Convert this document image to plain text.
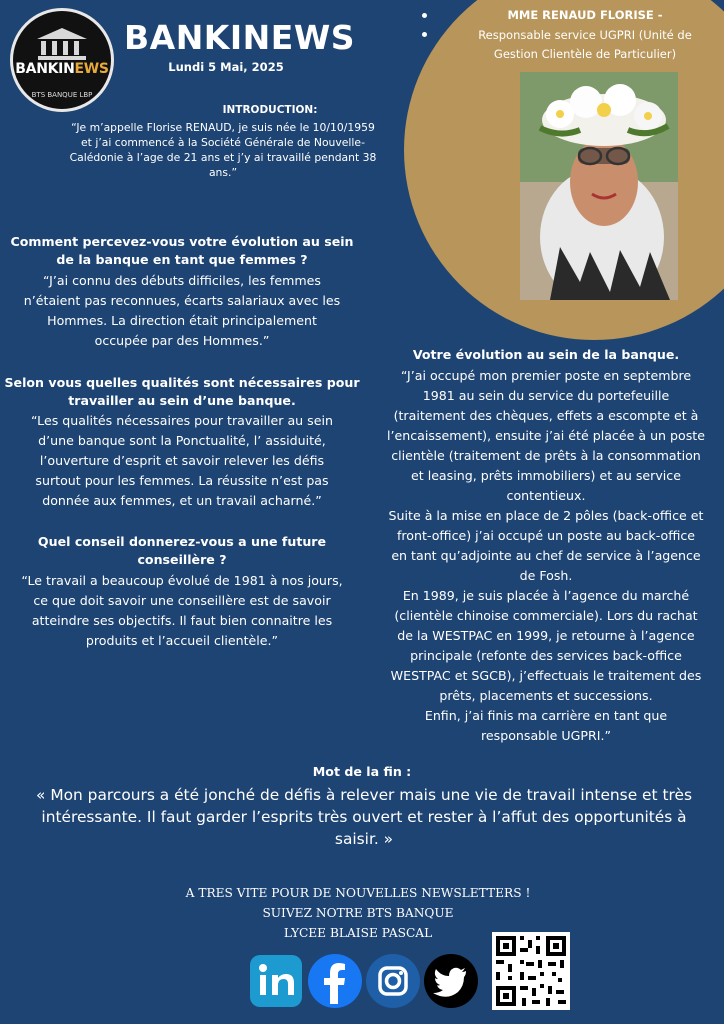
BANKINEWS
BTS BANQUE LBP
BANKINEWS
Lundi 5 Mai, 2025
INTRODUCTION:
“Je m’appelle Florise RENAUD, je suis née le 10/10/1959
et j’ai commencé à la Société Générale de Nouvelle-
Calédonie à l’age de 21 ans et j’y ai travaillé pendant 38
ans.”
MME RENAUD FLORISE -
Responsable service UGPRI (Unité de
Gestion Clientèle de Particulier)
Comment percevez-vous votre évolution au sein
de la banque en tant que femmes ?
“J’ai connu des débuts difficiles, les femmes
n’étaient pas reconnues, écarts salariaux avec les
Hommes. La direction était principalement
occupée par des Hommes.”
Selon vous quelles qualités sont nécessaires pour
travailler au sein d’une banque.
“Les qualités nécessaires pour travailler au sein
d’une banque sont la Ponctualité, l’ assiduité,
l’ouverture d’esprit et savoir relever les défis
surtout pour les femmes. La réussite n’est pas
donnée aux femmes, et un travail acharné.”
Quel conseil donnerez-vous a une future
conseillère ?
“Le travail a beaucoup évolué de 1981 à nos jours,
ce que doit savoir une conseillère est de savoir
atteindre ses objectifs. Il faut bien connaitre les
produits et l’accueil clientèle.”
Votre évolution au sein de la banque.
“J’ai occupé mon premier poste en septembre
1981 au sein du service du portefeuille
(traitement des chèques, effets a escompte et à
l’encaissement), ensuite j’ai été placée à un poste
clientèle (traitement de prêts à la consommation
et leasing, prêts immobiliers) et au service
contentieux.
Suite à la mise en place de 2 pôles (back-office et
front-office) j’ai occupé un poste au back-office
en tant qu’adjointe au chef de service à l’agence
de Fosh.
En 1989, je suis placée à l’agence du marché
(clientèle chinoise commerciale). Lors du rachat
de la WESTPAC en 1999, je retourne à l’agence
principale (refonte des services back-office
WESTPAC et SGCB), j’effectuais le traitement des
prêts, placements et successions.
Enfin, j’ai finis ma carrière en tant que
responsable UGPRI.”
Mot de la fin :
« Mon parcours a été jonché de défis à relever mais une vie de travail intense et très
intéressante. Il faut garder l’esprits très ouvert et rester à l’affut des opportunités à
saisir. »
A TRES VITE POUR DE NOUVELLES NEWSLETTERS !
SUIVEZ NOTRE BTS BANQUE
LYCEE BLAISE PASCAL
